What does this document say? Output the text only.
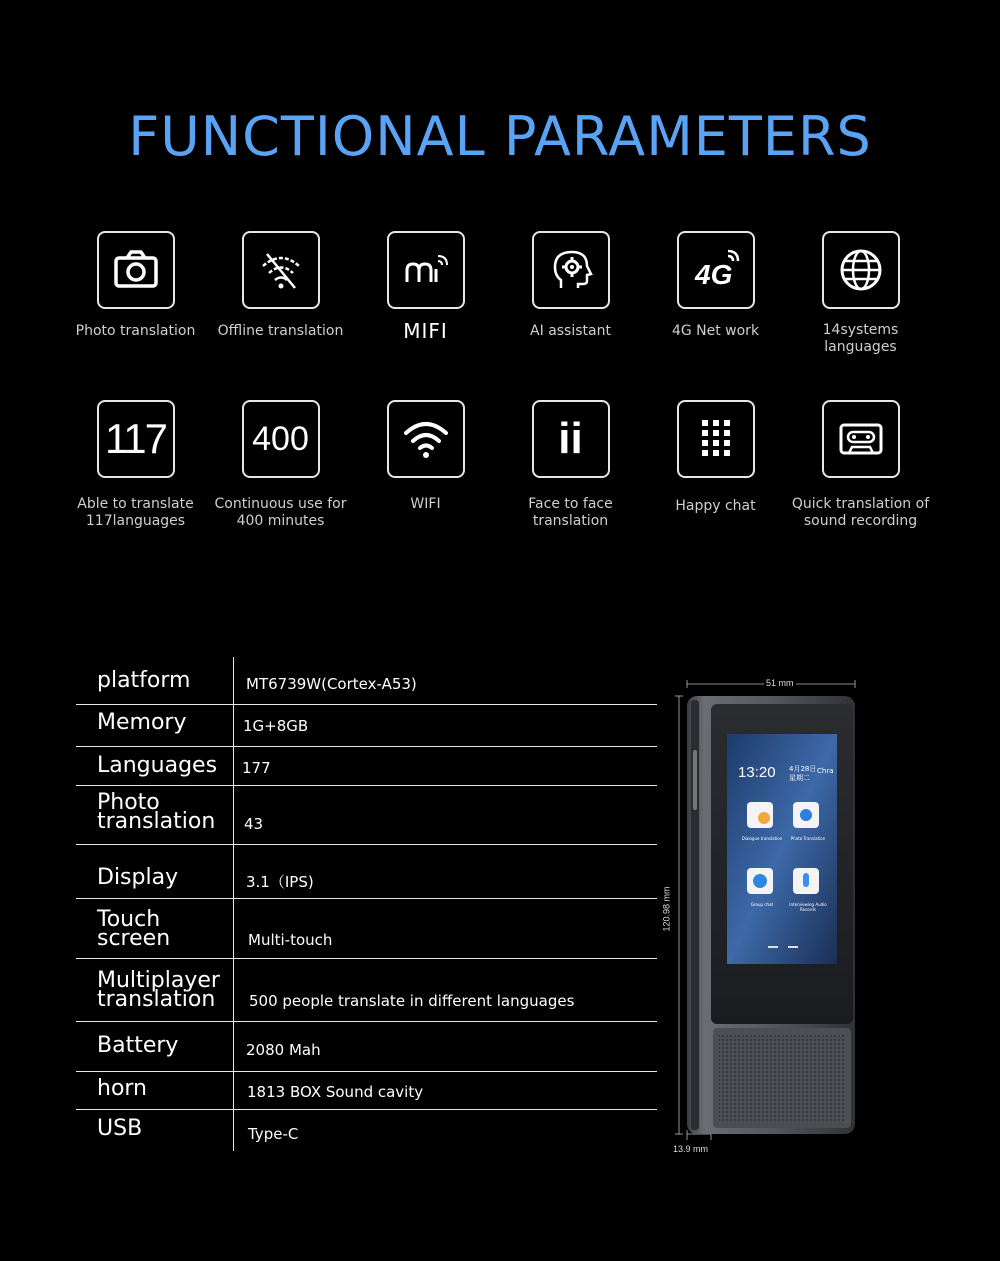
FUNCTIONAL PARAMETERS
Photo translation	Offline translation	MIFI	AI assistant
4G
4G Net work	14systems
languages
117
Able to translate
117languages
400
Continuous use for
400 minutes
WIFI
ii
Face to face
translation
Happy chat	Quick translation of
sound recording
platform	MT6739W(Cortex-A53)
Memory	1G+8GB
Languages 177
Photo
translation 43
Display	3.1（IPS)
Touch
screen	Multi-touch
Multiplayer
translation	500 people translate in different languages
Battery	2080 Mah
horn	1813 BOX Sound cavity
USB	Type-C
51 mm
120.98 mm
13.9 mm
13:20 4月28日
星期二
Chra
Dialogue translation	Photo Translation
Group chat	Interviewing Audio Records
